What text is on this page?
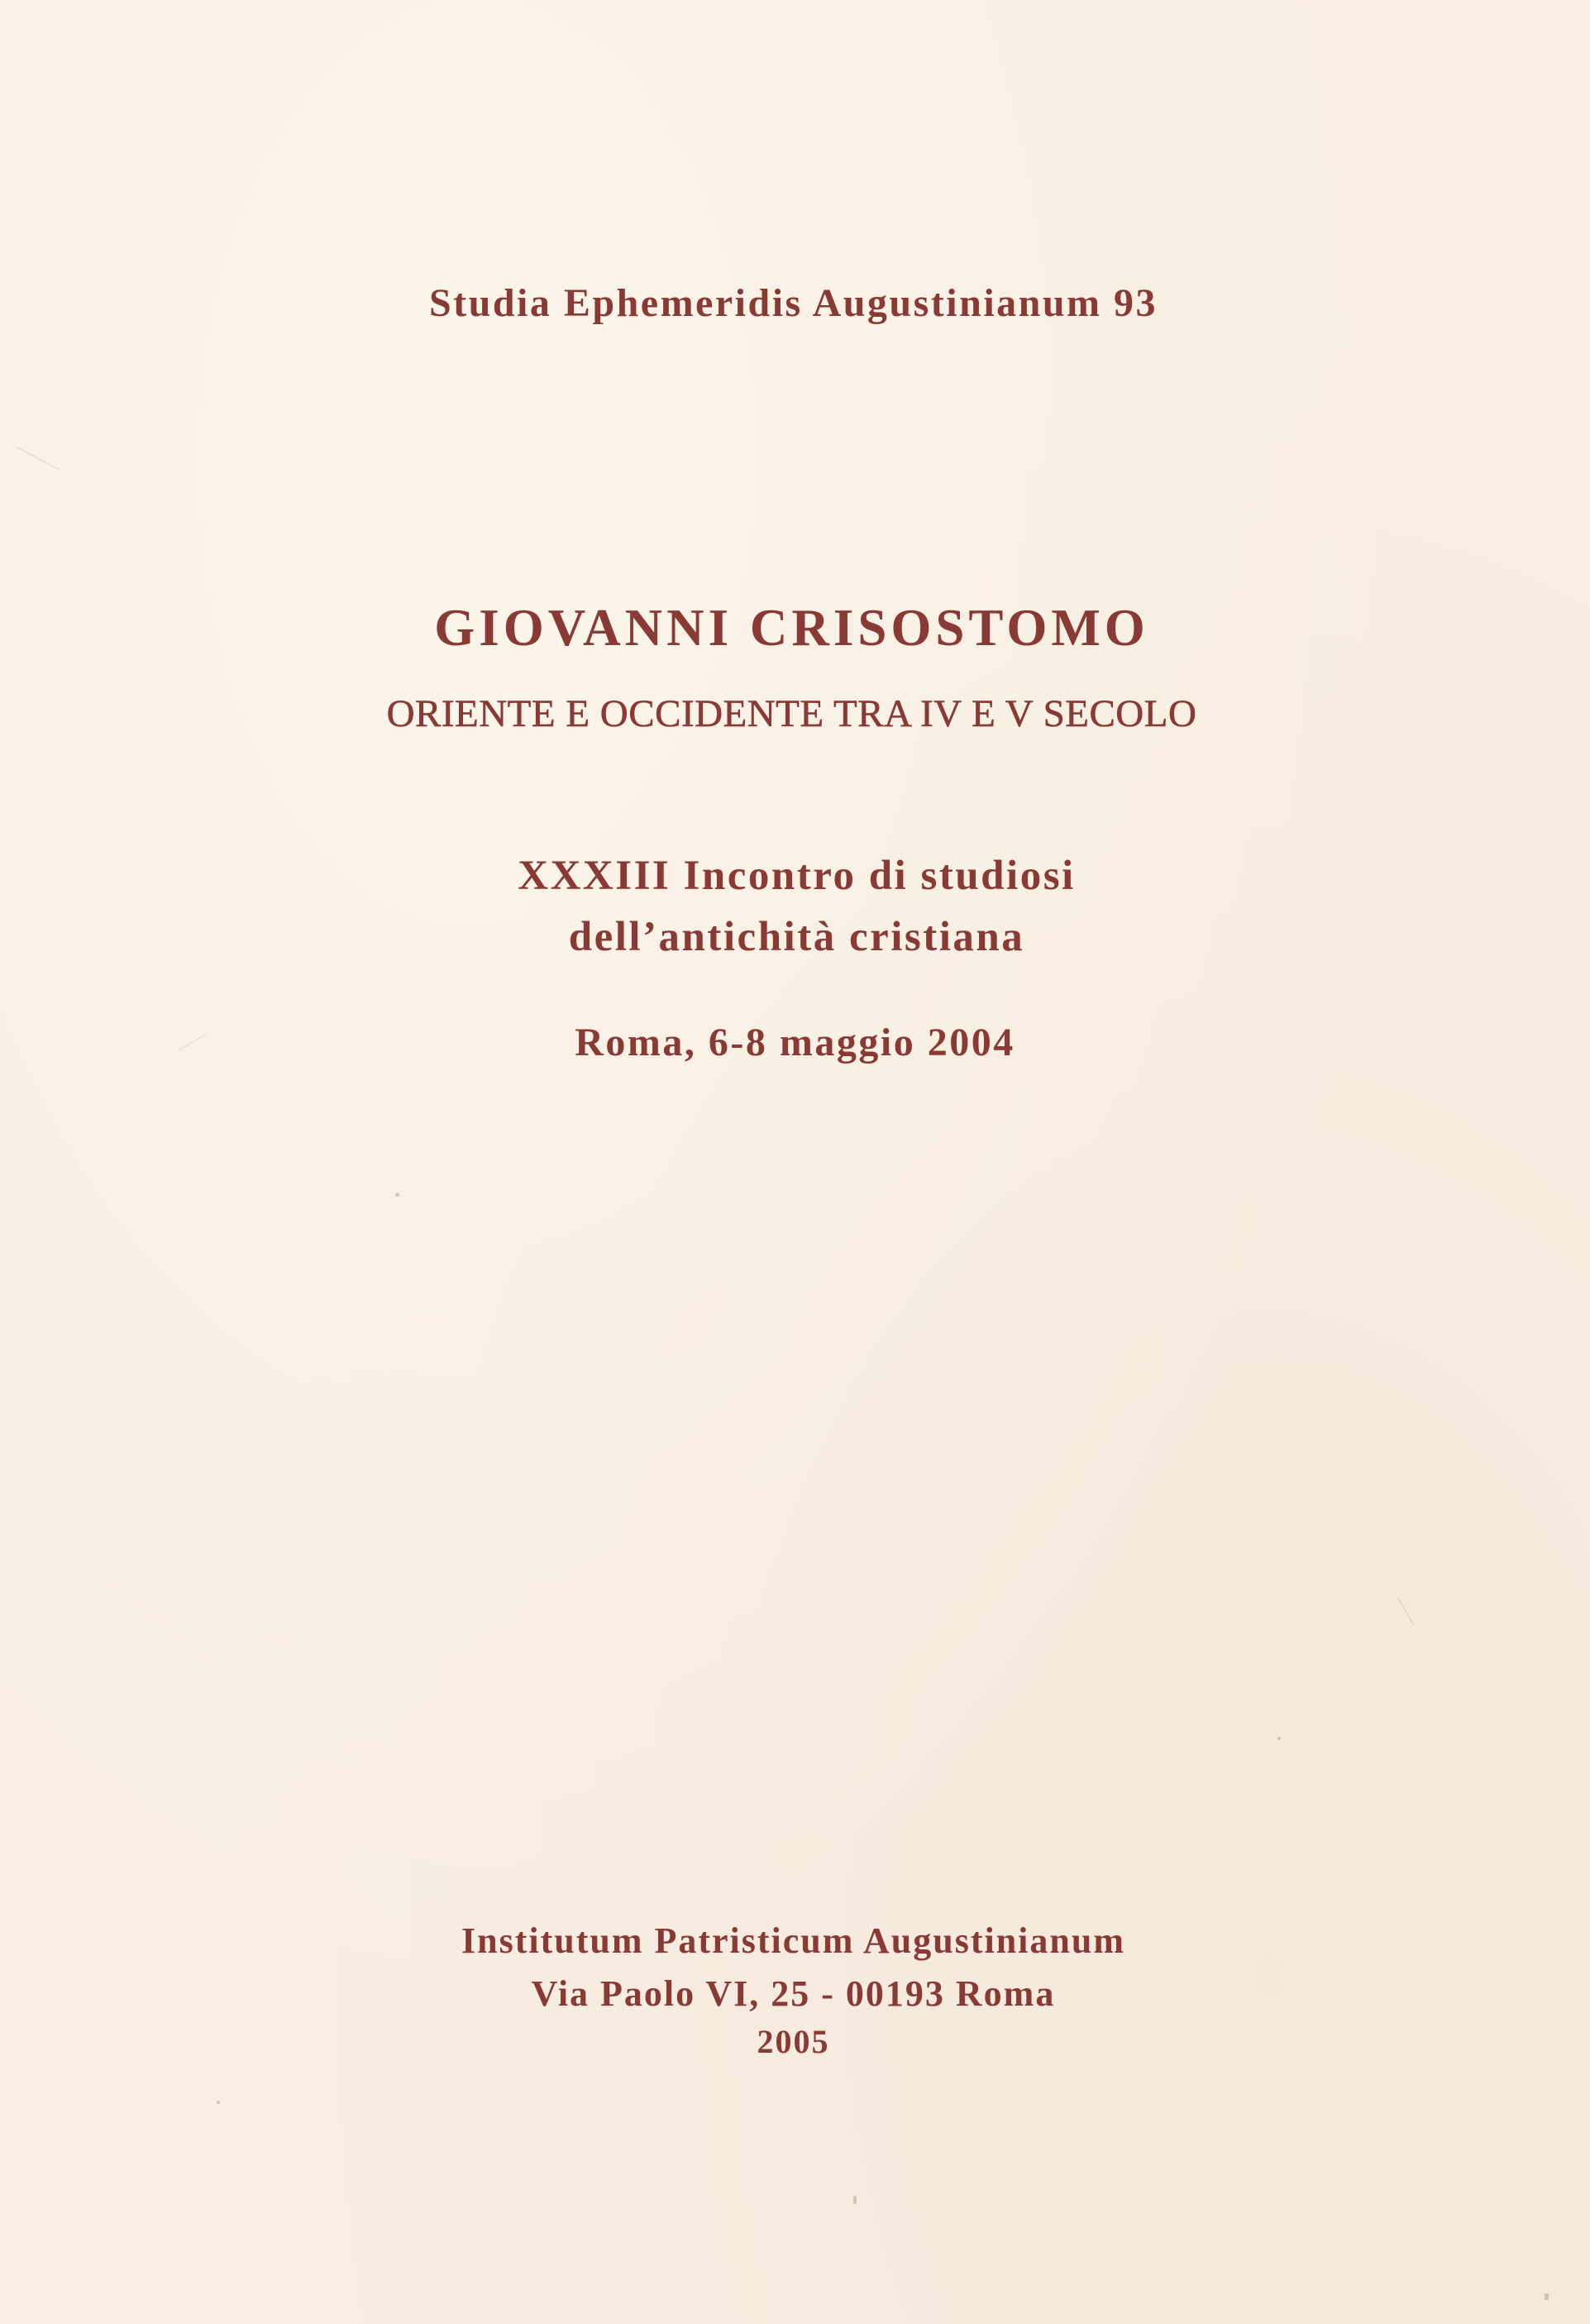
Studia Ephemeridis Augustinianum 93
GIOVANNI CRISOSTOMO
ORIENTE E OCCIDENTE TRA IV E V SECOLO
XXXIII Incontro di studiosi
dell’antichità cristiana
Roma, 6-8 maggio 2004
Institutum Patristicum Augustinianum
Via Paolo VI, 25 - 00193 Roma
2005
